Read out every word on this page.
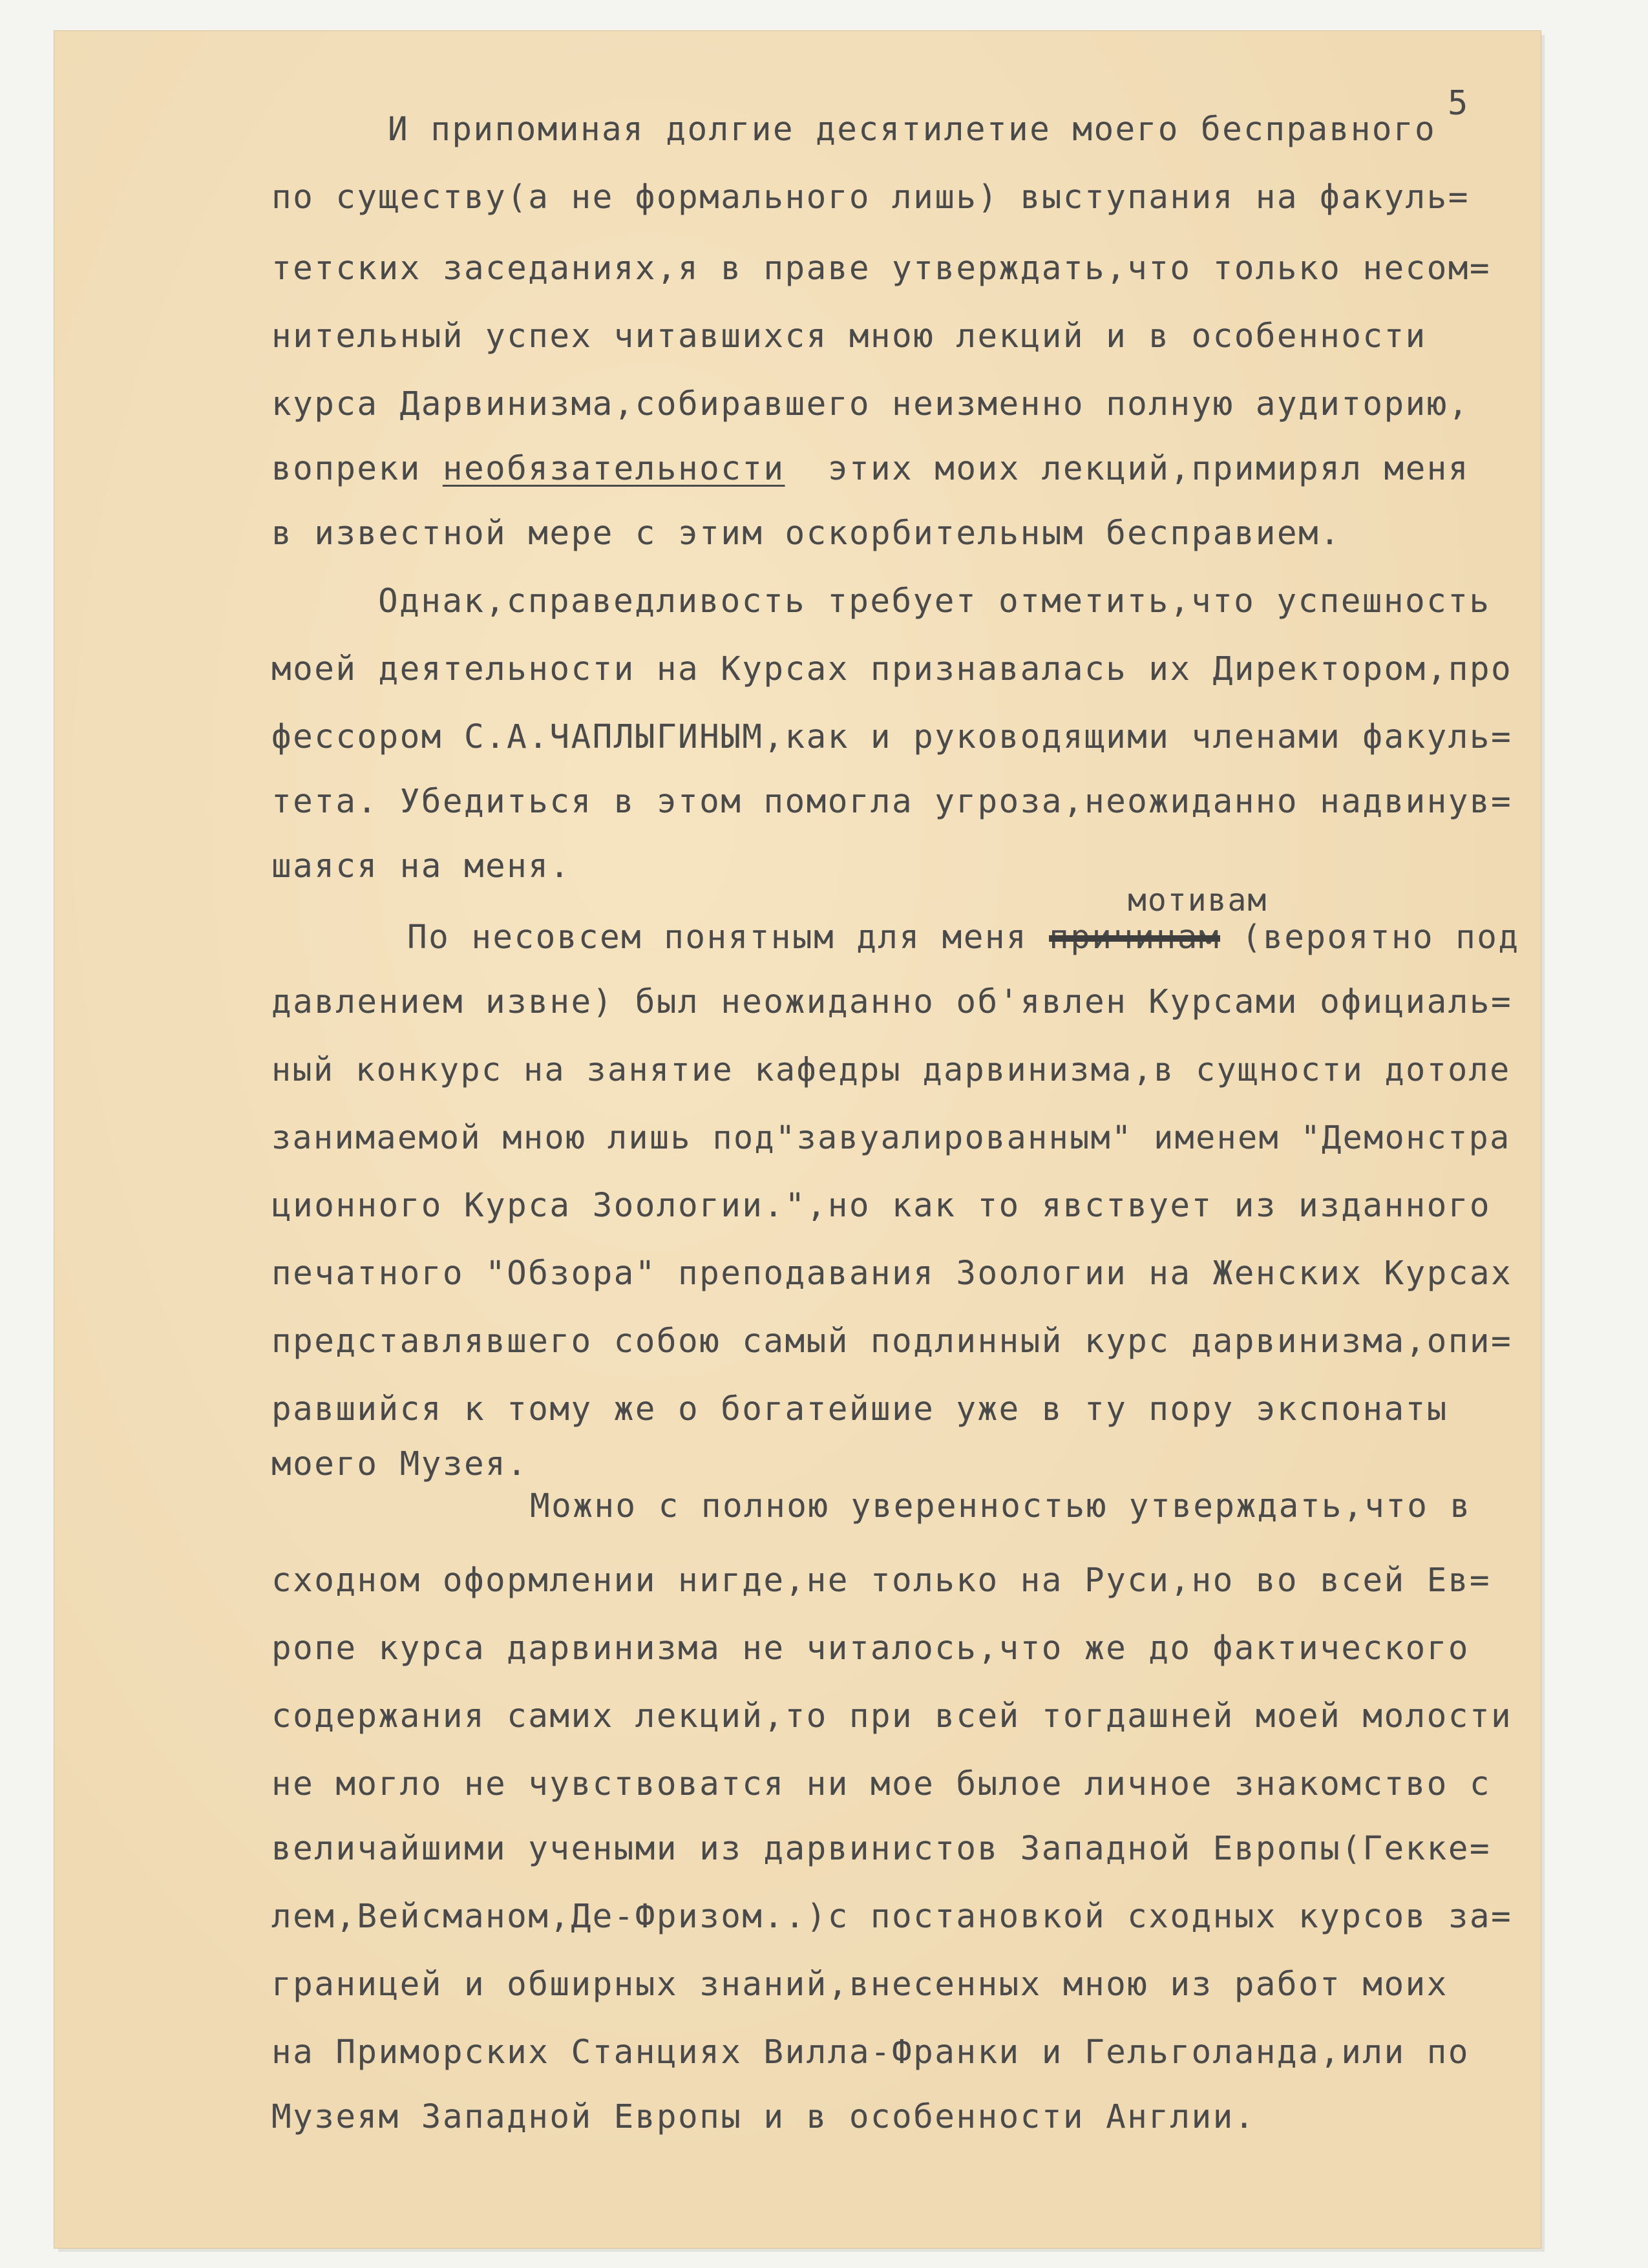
5
мотивам

И припоминая долгие десятилетие моего бесправного

по существу(а не формального лишь) выступания на факуль=

тетских заседаниях,я в праве утверждать,что только несом=

нительный успех читавшихся мною лекций и в особенности

курса Дарвинизма,собиравшего неизменно полную аудиторию,

вопреки необязательности  этих моих лекций,примирял меня

в известной мере с этим оскорбительным бесправием.

Однак,справедливость требует отметить,что успешность

моей деятельности на Курсах признавалась их Директором,про

фессором С.А.ЧАПЛЫГИНЫМ,как и руководящими членами факуль=

тета. Убедиться в этом помогла угроза,неожиданно надвинув=

шаяся на меня.

По несовсем понятным для меня причинам (вероятно под

давлением извне) был неожиданно об'явлен Курсами официаль=

ный конкурс на занятие кафедры дарвинизма,в сущности дотоле

занимаемой мною лишь под"завуалированным" именем "Демонстра

ционного Курса Зоологии.",но как то явствует из изданного

печатного "Обзора" преподавания Зоологии на Женских Курсах

представлявшего собою самый подлинный курс дарвинизма,опи=

равшийся к тому же о богатейшие уже в ту пору экспонаты

моего Музея.

Можно с полною уверенностью утверждать,что в

сходном оформлении нигде,не только на Руси,но во всей Ев=

ропе курса дарвинизма не читалось,что же до фактического

содержания самих лекций,то при всей тогдашней моей молости

не могло не чувствоватся ни мое былое личное знакомство с

величайшими учеными из дарвинистов Западной Европы(Гекке=

лем,Вейсманом,Де-Фризом..)с постановкой сходных курсов за=

границей и обширных знаний,внесенных мною из работ моих

на Приморских Станциях Вилла-Франки и Гельголанда,или по

Музеям Западной Европы и в особенности Англии.
